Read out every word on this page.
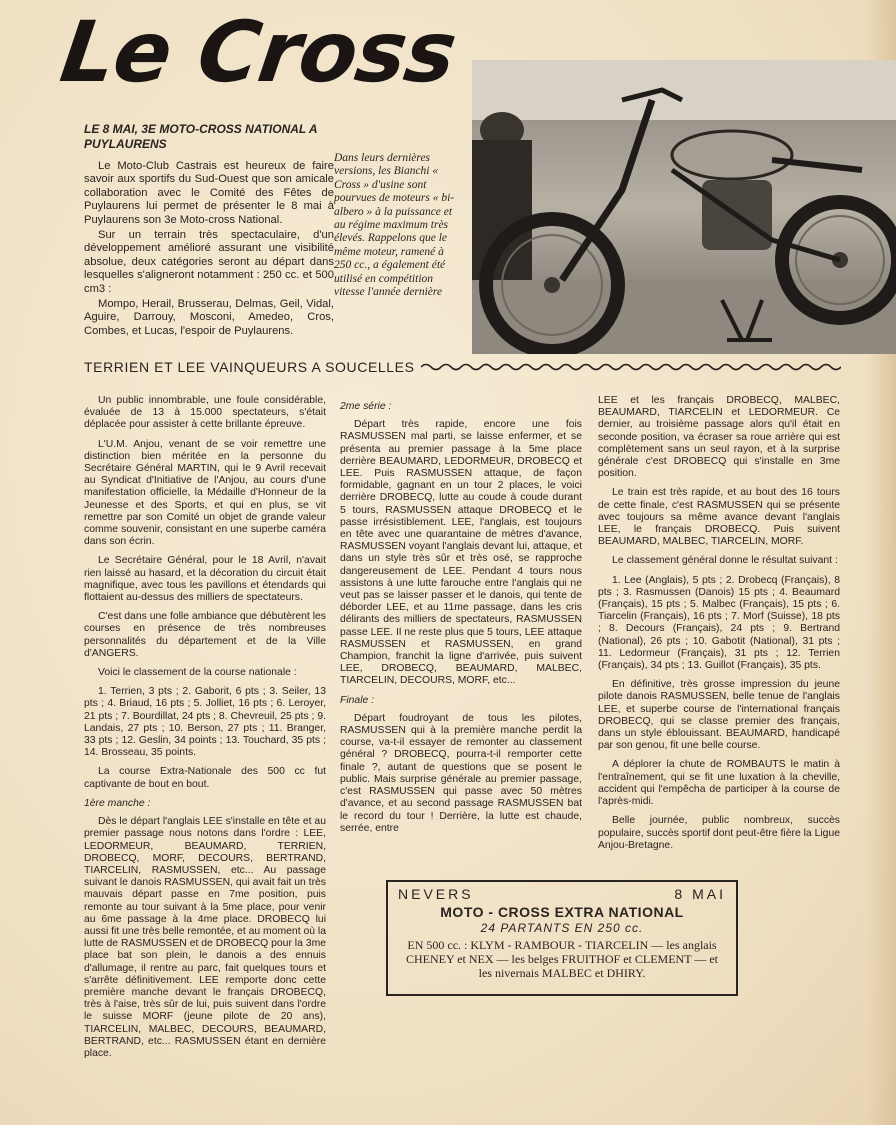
Le Cross
LE 8 MAI, 3E MOTO-CROSS NATIONAL A PUYLAURENS

Le Moto-Club Castrais est heureux de faire savoir aux sportifs du Sud-Ouest que son amicale collaboration avec le Comité des Fêtes de Puylaurens lui permet de présenter le 8 mai à Puylaurens son 3e Moto-cross National.

Sur un terrain très spectaculaire, d'un développement amélioré assurant une visibilité absolue, deux catégories seront au départ dans lesquelles s'aligneront notamment : 250 cc. et 500 cm3 :

Mompo, Herail, Brusserau, Delmas, Geil, Vidal, Aguire, Darrouy, Mosconi, Amedeo, Cros, Combes, et Lucas, l'espoir de Puylaurens.

Dans leurs dernières versions, les Bianchi « Cross » d'usine sont pourvues de moteurs « bi-albero » à la puissance et au régime maximum très élevés. Rappelons que le même moteur, ramené à 250 cc., a également été utilisé en compétition vitesse l'année dernière
TERRIEN ET LEE VAINQUEURS A SOUCELLES

Un public innombrable, une foule considérable, évaluée de 13 à 15.000 spectateurs, s'était déplacée pour assister à cette brillante épreuve.

L'U.M. Anjou, venant de se voir remettre une distinction bien méritée en la personne du Secrétaire Général MARTIN, qui le 9 Avril recevait au Syndicat d'Initiative de l'Anjou, au cours d'une manifestation officielle, la Médaille d'Honneur de la Jeunesse et des Sports, et qui en plus, se vit remettre par son Comité un objet de grande valeur comme souvenir, consistant en une superbe caméra dans son écrin.

Le Secrétaire Général, pour le 18 Avril, n'avait rien laissé au hasard, et la décoration du circuit était magnifique, avec tous les pavillons et étendards qui flottaient au-dessus des milliers de spectateurs.

C'est dans une folle ambiance que débutèrent les courses en présence de très nombreuses personnalités du département et de la Ville d'ANGERS.

Voici le classement de la course nationale :

1. Terrien, 3 pts ; 2. Gaborit, 6 pts ; 3. Seiler, 13 pts ; 4. Briaud, 16 pts ; 5. Jolliet, 16 pts ; 6. Leroyer, 21 pts ; 7. Bourdillat, 24 pts ; 8. Chevreuil, 25 pts ; 9. Landais, 27 pts ; 10. Berson, 27 pts ; 11. Branger, 33 pts ; 12. Geslin, 34 points ; 13. Touchard, 35 pts ; 14. Brosseau, 35 points.

La course Extra-Nationale des 500 cc fut captivante de bout en bout.

1ère manche :

Dès le départ l'anglais LEE s'installe en tête et au premier passage nous notons dans l'ordre : LEE, LEDORMEUR, BEAUMARD, TERRIEN, DROBECQ, MORF, DECOURS, BERTRAND, TIARCELIN, RASMUSSEN, etc... Au passage suivant le danois RASMUSSEN, qui avait fait un très mauvais départ passe en 7me position, puis remonte au tour suivant à la 5me place, pour venir au 6me passage à la 4me place. DROBECQ lui aussi fit une très belle remontée, et au moment où la lutte de RASMUSSEN et de DROBECQ pour la 3me place bat son plein, le danois a des ennuis d'allumage, il rentre au parc, fait quelques tours et s'arrête définitivement. LEE remporte donc cette première manche devant le français DROBECQ, très à l'aise, très sûr de lui, puis suivent dans l'ordre le suisse MORF (jeune pilote de 20 ans), TIARCELIN, MALBEC, DECOURS, BEAUMARD, BERTRAND, etc... RASMUSSEN étant en dernière place.

2me série :

Départ très rapide, encore une fois RASMUSSEN mal parti, se laisse enfermer, et se présenta au premier passage à la 5me place derrière BEAUMARD, LEDORMEUR, DROBECQ et LEE. Puis RASMUSSEN attaque, de façon formidable, gagnant en un tour 2 places, le voici derrière DROBECQ, lutte au coude à coude durant 5 tours, RASMUSSEN attaque DROBECQ et le passe irrésistiblement. LEE, l'anglais, est toujours en tête avec une quarantaine de mètres d'avance, RASMUSSEN voyant l'anglais devant lui, attaque, et dans un style très sûr et très osé, se rapproche dangereusement de LEE. Pendant 4 tours nous assistons à une lutte farouche entre l'anglais qui ne veut pas se laisser passer et le danois, qui tente de déborder LEE, et au 11me passage, dans les cris délirants des milliers de spectateurs, RASMUSSEN passe LEE. Il ne reste plus que 5 tours, LEE attaque RASMUSSEN et RASMUSSEN, en grand Champion, franchit la ligne d'arrivée, puis suivent LEE, DROBECQ, BEAUMARD, MALBEC, TIARCELIN, DECOURS, MORF, etc...

Finale :

Départ foudroyant de tous les pilotes, RASMUSSEN qui à la première manche perdit la course, va-t-il essayer de remonter au classement général ? DROBECQ, pourra-t-il remporter cette finale ?, autant de questions que se posent le public. Mais surprise générale au premier passage, c'est RASMUSSEN qui passe avec 50 mètres d'avance, et au second passage RASMUSSEN bat le record du tour ! Derrière, la lutte est chaude, serrée, entre

LEE et les français DROBECQ, MALBEC, BEAUMARD, TIARCELIN et LEDORMEUR. Ce dernier, au troisième passage alors qu'il était en seconde position, va écraser sa roue arrière qui est complètement sans un seul rayon, et à la surprise générale c'est DROBECQ qui s'installe en 3me position.

Le train est très rapide, et au bout des 16 tours de cette finale, c'est RASMUSSEN qui se présente avec toujours sa même avance devant l'anglais LEE, le français DROBECQ. Puis suivent BEAUMARD, MALBEC, TIARCELIN, MORF.

Le classement général donne le résultat suivant :

1. Lee (Anglais), 5 pts ; 2. Drobecq (Français), 8 pts ; 3. Rasmussen (Danois) 15 pts ; 4. Beaumard (Français), 15 pts ; 5. Malbec (Français), 15 pts ; 6. Tiarcelin (Français), 16 pts ; 7. Morf (Suisse), 18 pts ; 8. Decours (Français), 24 pts ; 9. Bertrand (National), 26 pts ; 10. Gabotit (National), 31 pts ; 11. Ledormeur (Français), 31 pts ; 12. Terrien (Français), 34 pts ; 13. Guillot (Français), 35 pts.

En définitive, très grosse impression du jeune pilote danois RASMUSSEN, belle tenue de l'anglais LEE, et superbe course de l'international français DROBECQ, qui se classe premier des français, dans un style éblouissant. BEAUMARD, handicapé par son genou, fit une belle course.

A déplorer la chute de ROMBAUTS le matin à l'entraînement, qui se fit une luxation à la cheville, accident qui l'empêcha de participer à la course de l'après-midi.

Belle journée, public nombreux, succès populaire, succès sportif dont peut-être fière la Ligue Anjou-Bretagne.

NEVERS	8 MAI
MOTO - CROSS EXTRA NATIONAL
24 PARTANTS EN 250 cc.
EN 500 cc. : KLYM - RAMBOUR - TIARCELIN — les anglais CHENEY et NEX — les belges FRUITHOF et CLEMENT — et les nivernais MALBEC et DHIRY.
